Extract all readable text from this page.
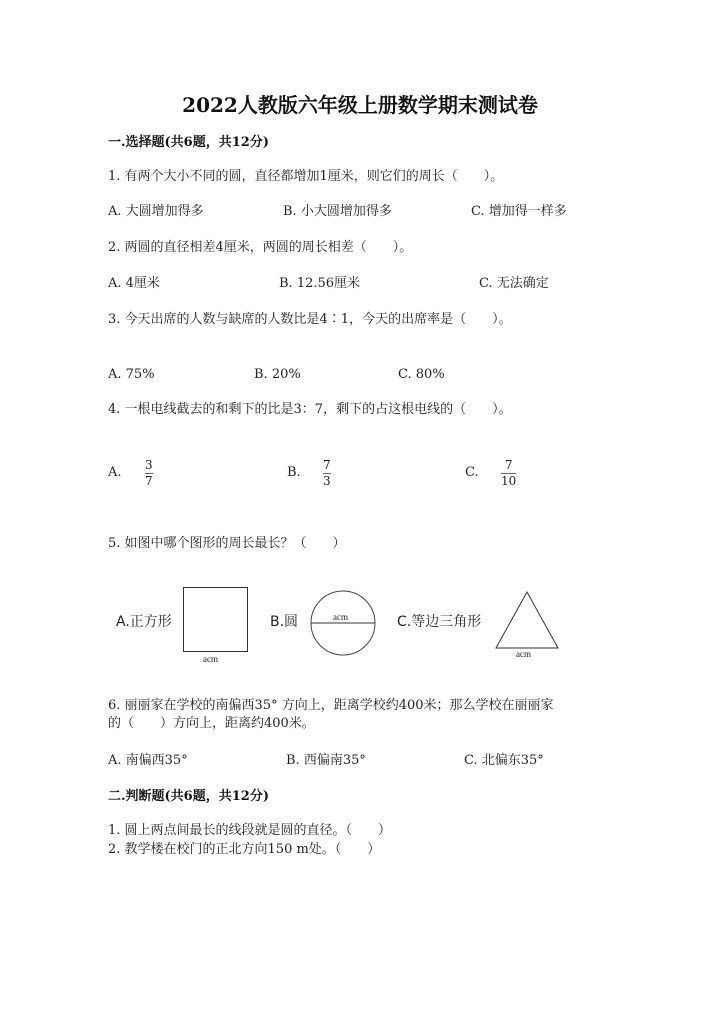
2022人教版六年级上册数学期末测试卷
一.选择题(共6题，共12分)
1. 有两个大小不同的圆，直径都增加1厘米，则它们的周长（　　）。
A. 大圆增加得多	B. 小大圆增加得多	C. 增加得一样多
2. 两圆的直径相差4厘米，两圆的周长相差（　　）。
A. 4厘米	B. 12.56厘米	C. 无法确定
3. 今天出席的人数与缺席的人数比是4∶1，今天的出席率是（　　）。
A. 75%	B. 20%	C. 80%
4. 一根电线截去的和剩下的比是3：7，剩下的占这根电线的（　　）。
A. 3
7
B. 7
3
C. 7
10
5. 如图中哪个图形的周长最长？（　　）
A.正方形
acm
B.圆	acm	C.等边三角形
acm
6. 丽丽家在学校的南偏西35° 方向上，距离学校约400米；那么学校在丽丽家
的（　　）方向上，距离约400米。
A. 南偏西35°	B. 西偏南35°	C. 北偏东35°
二.判断题(共6题，共12分)
1. 圆上两点间最长的线段就是圆的直径。（　　）
2. 教学楼在校门的正北方向150 m处。（　　）
